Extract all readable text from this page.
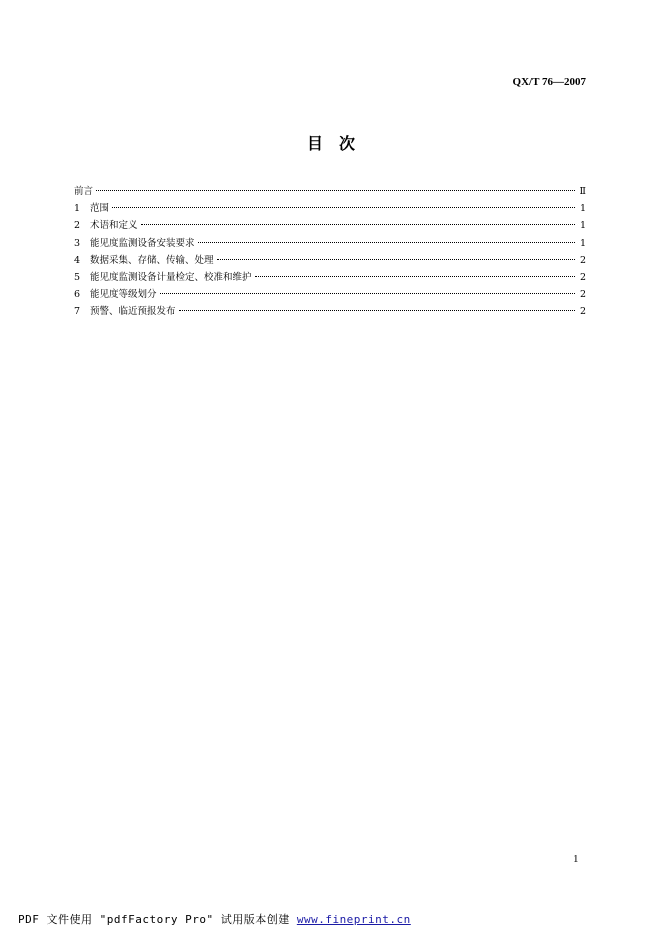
QX/T 76—2007
目　次
前言	Ⅱ
1	范围	1
2	术语和定义	1
3	能见度监测设备安装要求	1
4	数据采集、存储、传输、处理	2
5	能见度监测设备计量检定、校准和维护	2
6	能见度等级划分	2
7	预警、临近预报发布	2
1
PDF 文件使用 "pdfFactory Pro" 试用版本创建 www.fineprint.cn
